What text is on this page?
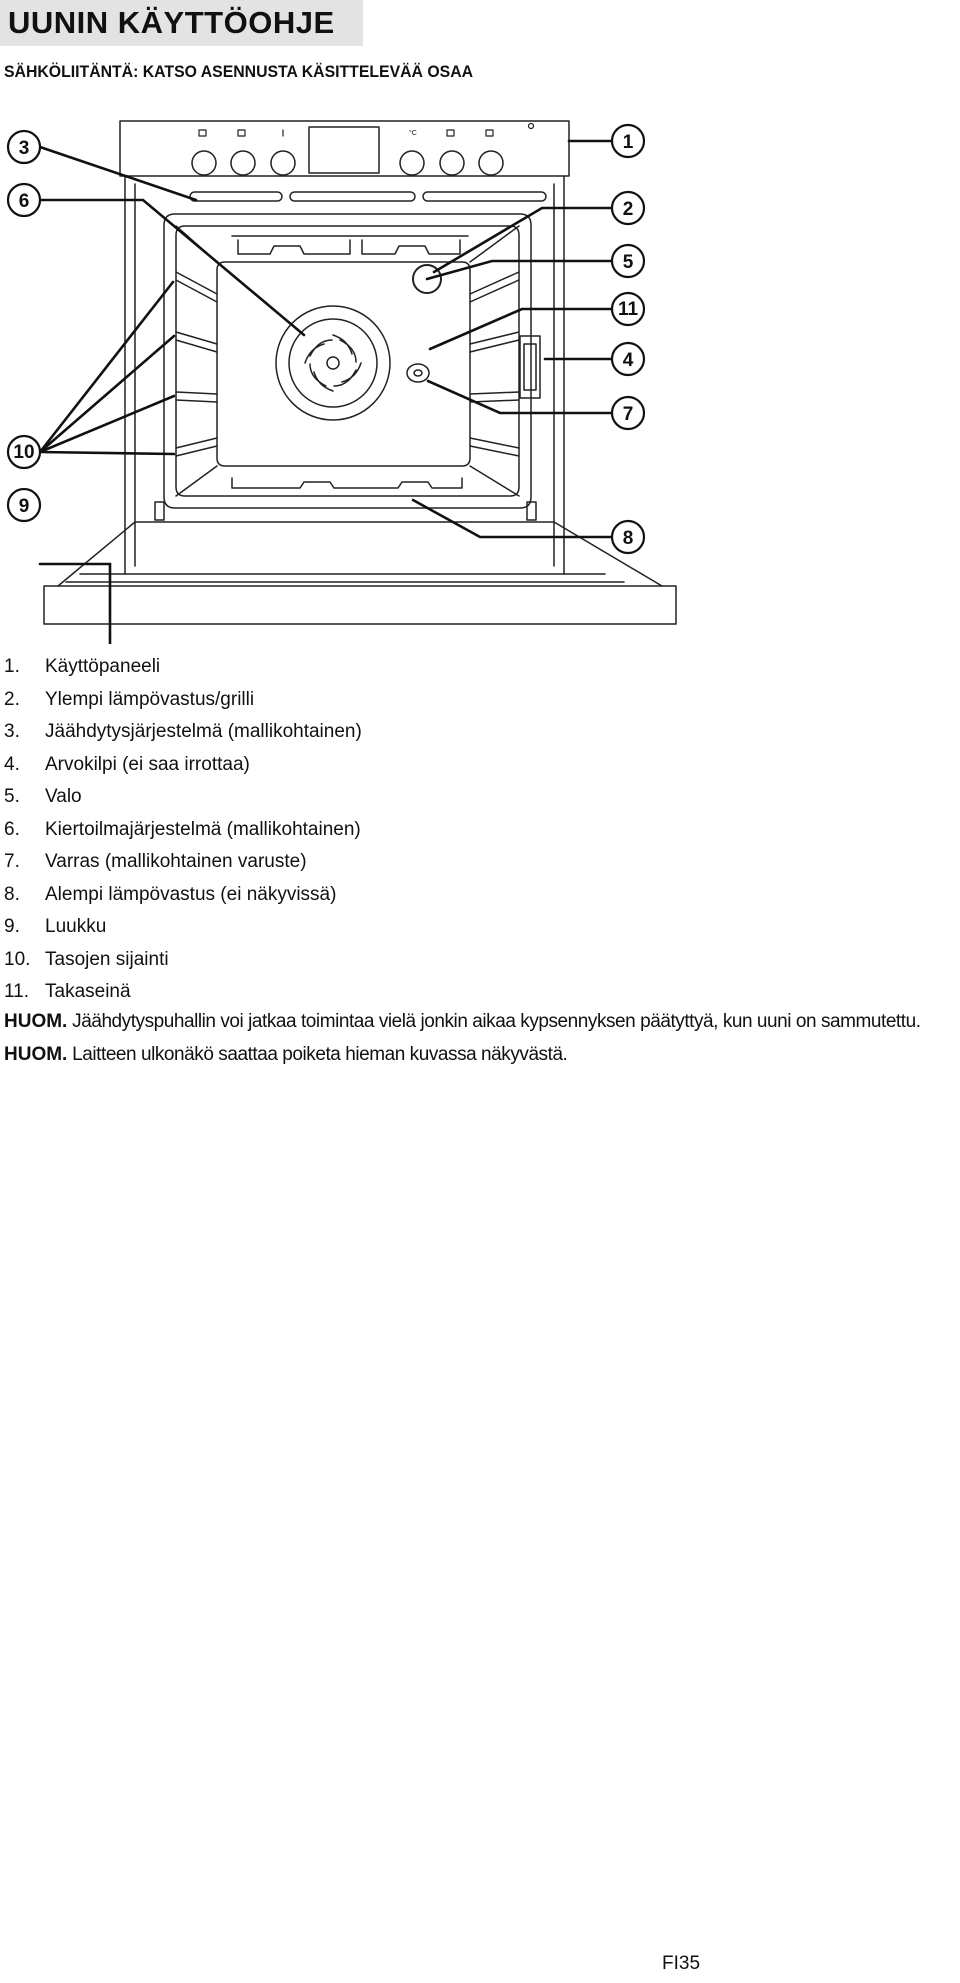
UUNIN KÄYTTÖOHJE
SÄHKÖLIITÄNTÄ: KATSO ASENNUSTA KÄSITTELEVÄÄ OSAA
3
6
10
9
1
2
5
11
4
7
8
°C
1.	Käyttöpaneeli
2.	Ylempi lämpövastus/grilli
3.	Jäähdytysjärjestelmä (mallikohtainen)
4.	Arvokilpi (ei saa irrottaa)
5.	Valo
6.	Kiertoilmajärjestelmä (mallikohtainen)
7.	Varras (mallikohtainen varuste)
8.	Alempi lämpövastus (ei näkyvissä)
9.	Luukku
10. Tasojen sijainti
11. Takaseinä
HUOM. Jäähdytyspuhallin voi jatkaa toimintaa vielä jonkin aikaa kypsennyksen päätyttyä, kun uuni on sammutettu.
HUOM. Laitteen ulkonäkö saattaa poiketa hieman kuvassa näkyvästä.
FI35
